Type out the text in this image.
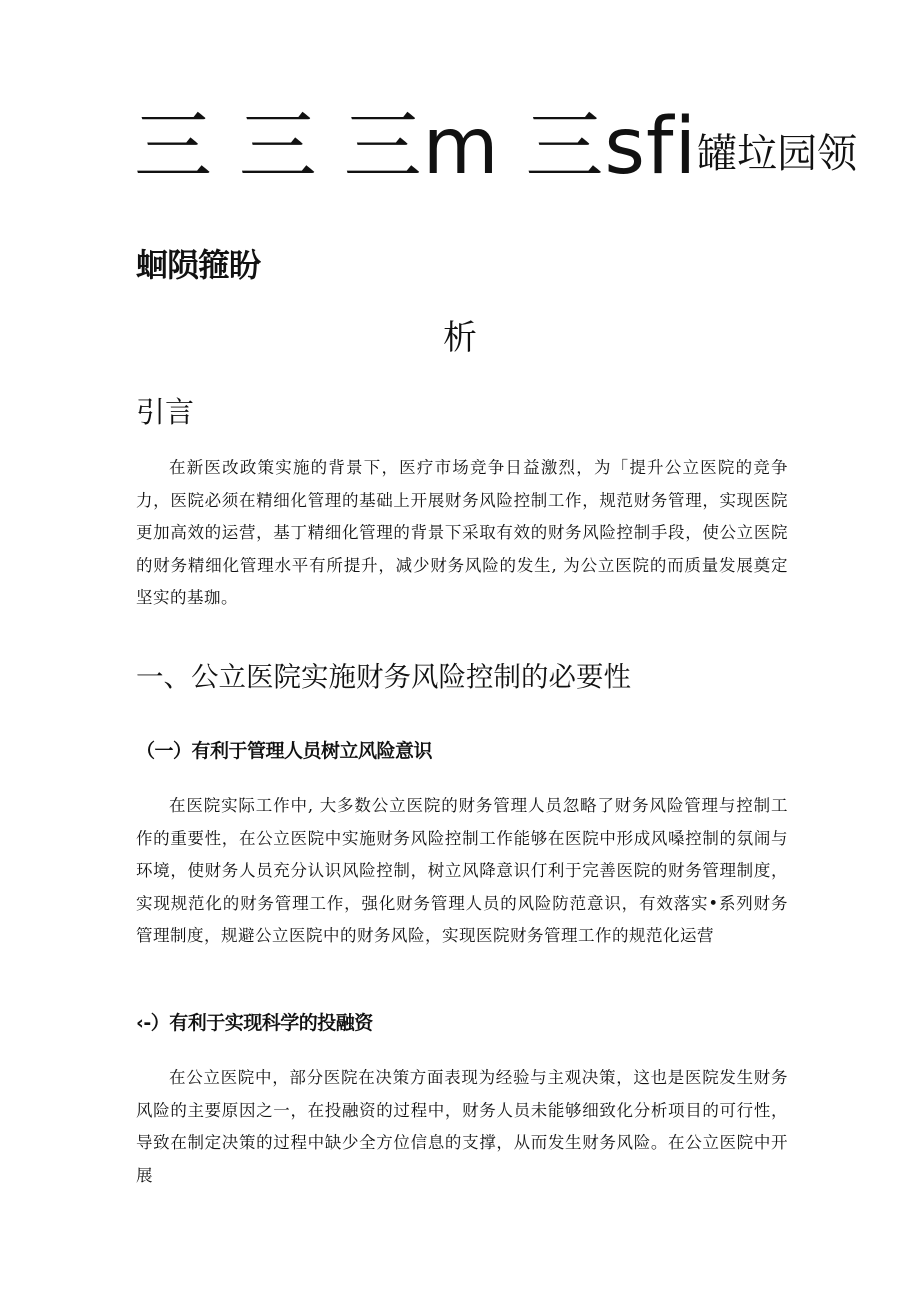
三 三 三m 三sfi罐垃园领
蛔陨箍盼
析
引言

在新医改政策实施的背景下，医疗市场竞争日益激烈，为「提升公立医院的竞争力，医院必须在精细化管理的基础上开展财务风险控制工作，规范财务管理，实现医院更加高效的运营，基丁精细化管理的背景下采取有效的财务风险控制手段，使公立医院的财务精细化管理水平有所提升，减少财务风险的发生, 为公立医院的而质量发展奠定坚实的基珈。

一、公立医院实施财务风险控制的必要性
（一）有利于管理人员树立风险意识

在医院实际工作中, 大多数公立医院的财务管理人员忽略了财务风险管理与控制工作的重要性，在公立医院中实施财务风险控制工作能够在医院中形成风嗓控制的氛闹与环境，使财务人员充分认识风险控制，树立风降意识仃利于完善医院的财务管理制度，实现规范化的财务管理工作，强化财务管理人员的风险防范意识，有效落实•系列财务管理制度，规避公立医院中的财务风险，实现医院财务管理工作的规范化运营

‹-）有利于实现科学的投融资

在公立医院中，部分医院在决策方面表现为经验与主观决策，这也是医院发生财务风险的主要原因之一，在投融资的过程中，财务人员未能够细致化分析项目的可行性，导致在制定决策的过程中缺少全方位信息的支撑，从而发生财务风险。在公立医院中开展
